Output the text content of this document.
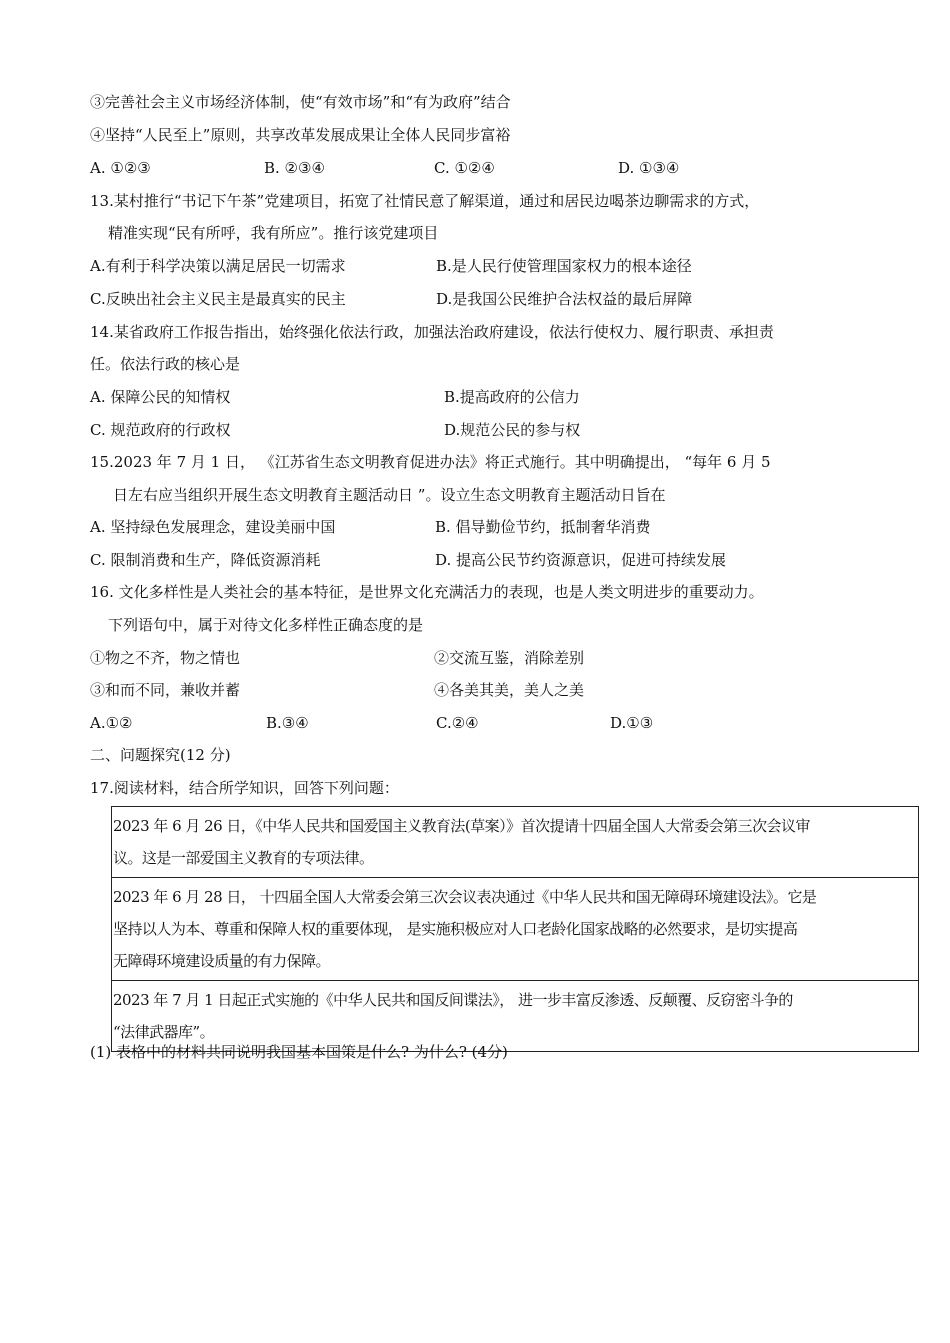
③完善社会主义市场经济体制，使“有效市场”和“有为政府”结合
④坚持“人民至上”原则，共享改革发展成果让全体人民同步富裕
A. ①②③	B. ②③④	C. ①②④	D. ①③④
13.某村推行“书记下午茶”党建项目，拓宽了社情民意了解渠道，通过和居民边喝茶边聊需求的方式，
精准实现“民有所呼，我有所应”。推行该党建项目
A.有利于科学决策以满足居民一切需求	B.是人民行使管理国家权力的根本途径
C.反映出社会主义民主是最真实的民主	D.是我国公民维护合法权益的最后屏障
14.某省政府工作报告指出，始终强化依法行政，加强法治政府建设，依法行使权力、履行职责、承担责
任。依法行政的核心是
A. 保障公民的知情权	B.提高政府的公信力
C. 规范政府的行政权	D.规范公民的参与权
15.2023 年 7 月 1 日， 《江苏省生态文明教育促进办法》将正式施行。其中明确提出， “每年 6 月 5
日左右应当组织开展生态文明教育主题活动日 ”。设立生态文明教育主题活动日旨在
A. 坚持绿色发展理念，建设美丽中国	B. 倡导勤俭节约，抵制奢华消费
C. 限制消费和生产，降低资源消耗	D. 提高公民节约资源意识，促进可持续发展
16. 文化多样性是人类社会的基本特征，是世界文化充满活力的表现，也是人类文明进步的重要动力。
下列语句中，属于对待文化多样性正确态度的是
①物之不齐，物之情也	②交流互鉴，消除差别
③和而不同，兼收并蓄	④各美其美，美人之美
A.①②	B.③④	C.②④	D.①③
二、问题探究(12 分)
17.阅读材料，结合所学知识，回答下列问题：
2023 年 6 月 26 日，《中华人民共和国爱国主义教育法(草案）》首次提请十四届全国人大常委会第三次会议审
议。这是一部爱国主义教育的专项法律。

2023 年 6 月 28 日， 十四届全国人大常委会第三次会议表决通过《中华人民共和国无障碍环境建设法》。它是
坚持以人为本、尊重和保障人权的重要体现， 是实施积极应对人口老龄化国家战略的必然要求，是切实提高
无障碍环境建设质量的有力保障。

2023 年 7 月 1 日起正式实施的《中华人民共和国反间谍法》， 进一步丰富反渗透、反颠覆、反窃密斗争的
“法律武器库”。
(1) 表格中的材料共同说明我国基本国策是什么? 为什么? (4分)
